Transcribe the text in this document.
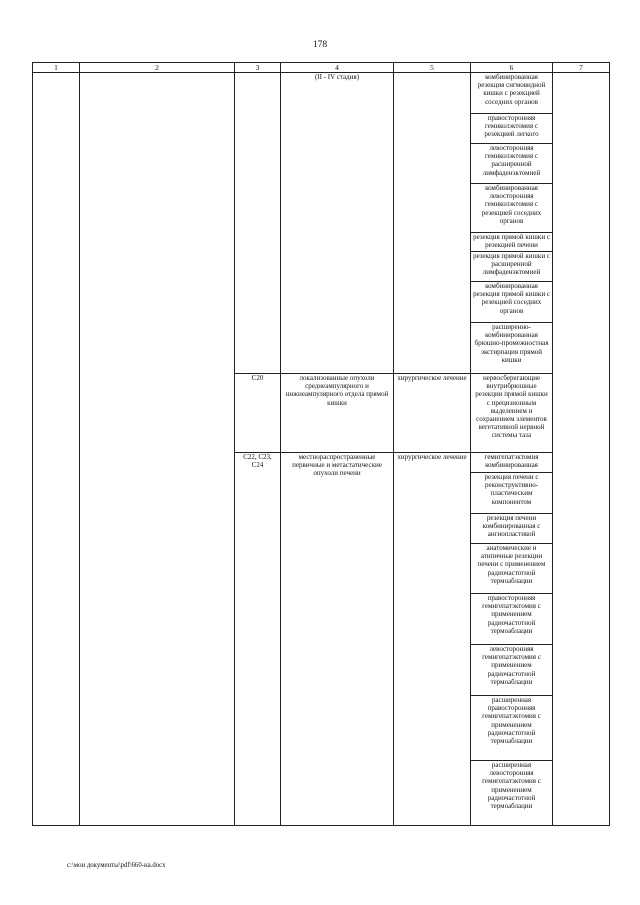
178
1	2	3	4	5	6	7
			(II - IV стадия)		комбинированная резекция сигмовидной кишки с резекцией соседних органов	
					правосторонняя гемиколэктомия с резекцией легкого	
					левосторонняя гемиколэктомия с расширенной лимфаденэктомией	
					комбинированная левосторонняя гемиколэктомия с резекцией соседних органов	
					резекция прямой кишки с резекцией печени	
					резекция прямой кишки с расширенной лимфаденэктомией	
					комбинированная резекция прямой кишки с резекцией соседних органов	
					расширенно-комбинированная брюшно-промежностная экстирпация прямой кишки	
		C20	локализованные опухоли среднеампулярного и нижнеампулярного отдела прямой кишки	хирургическое лечение	нервосберегающие внутрибрюшные резекции прямой кишки с прецизионным выделением и сохранением элементов вегетативной нервной системы таза	
		C22, C23, C24	местнораспространенные первичные и метастатические опухоли печени	хирургическое лечение	гемигепатэктомия комбинированная	
					резекция печени с реконструктивно-пластическим компонентом	
					резекция печени комбинированная с ангиопластикой	
					анатомические и атипичные резекции печени с применением радиочастотной термоаблации	
					правосторонняя гемигепатэктомия с применением радиочастотной термоаблации	
					левосторонняя гемигепатэктомия с применением радиочастотной термоаблации	
					расширенная правосторонняя гемигепатэктомия с применением радиочастотной термоаблации	
					расширенная левосторонняя гемигепатэктомия с применением радиочастотной термоаблации	
c:\мои документы\pdf\660-на.docx
